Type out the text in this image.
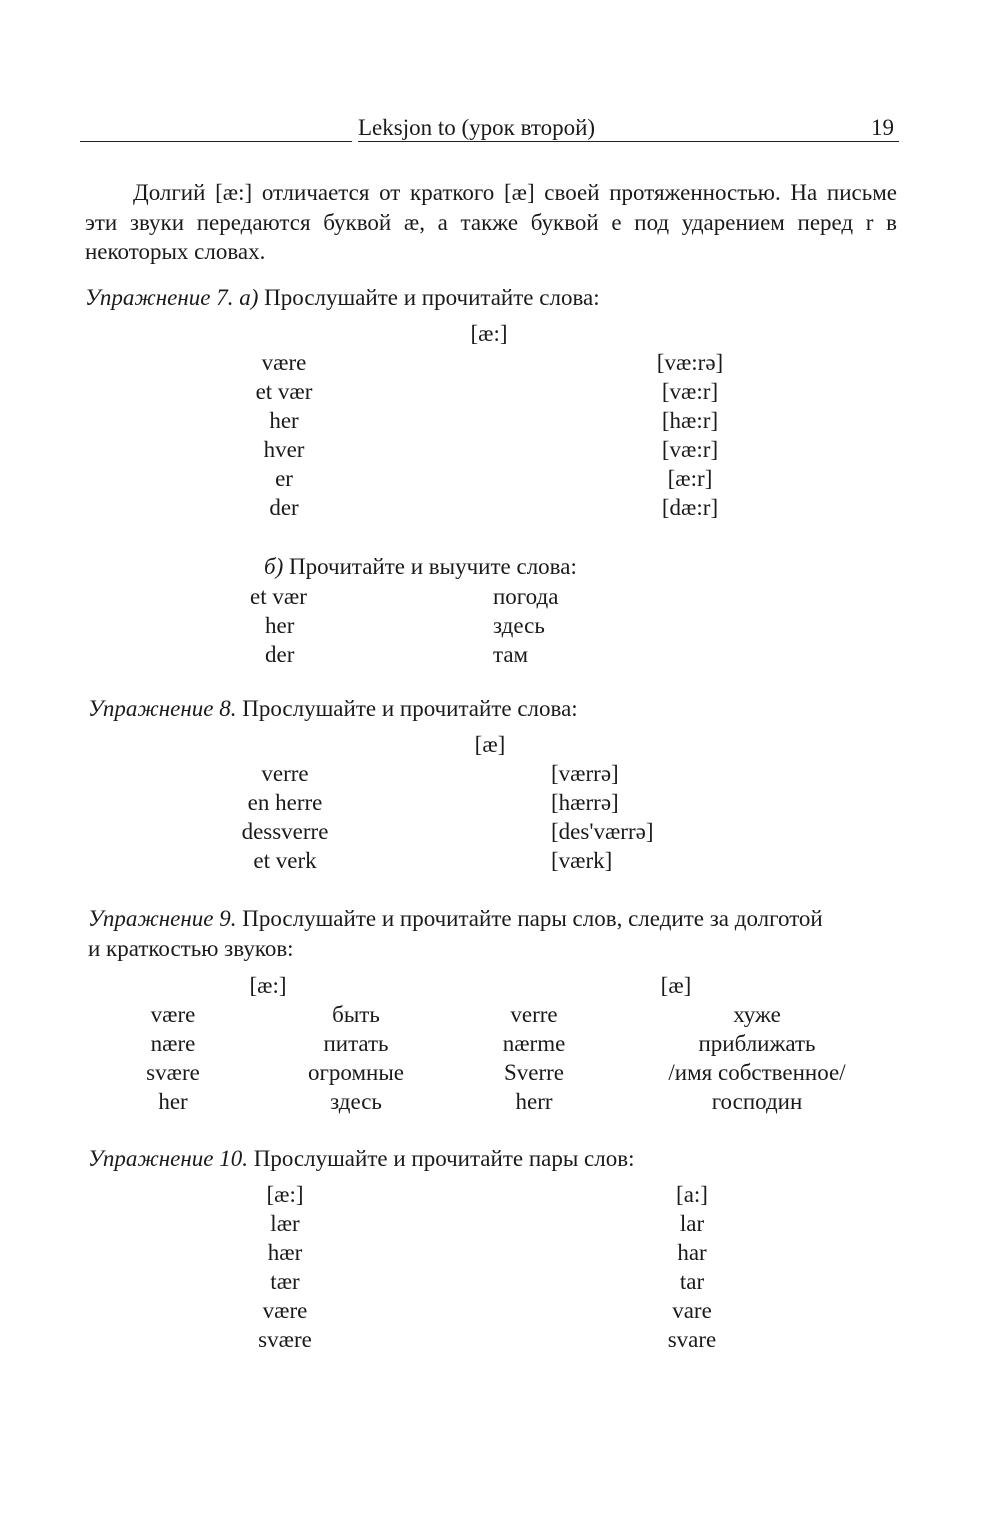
Leksjon to (урок второй)	19
Долгий [æ:] отличается от краткого [æ] своей протяженностью. На письме эти звуки передаются буквой æ, а также буквой e под ударением перед r в некоторых словах.
Упражнение 7. а) Прослушайте и прочитайте слова:
[æ:]
være	[væ:rə]
et vær	[væ:r]
her	[hæ:r]
hver	[væ:r]
er	[æ:r]
der	[dæ:r]
б) Прочитайте и выучите слова:
et vær	погода
her	здесь
der	там
Упражнение 8. Прослушайте и прочитайте слова:
[æ]
verre	[værrə]
en herre	[hærrə]
dessverre	[des'værrə]
et verk	[værk]
Упражнение 9. Прослушайте и прочитайте пары слов, следите за долготой
и краткостью звуков:
[æ:]	[æ]
være	быть	verre	хуже
nære	питать	nærme	приближать
svære	огромные	Sverre	/имя собственное/
her	здесь	herr	господин
Упражнение 10. Прослушайте и прочитайте пары слов:
[æ:]	[a:]
lær	lar
hær	har
tær	tar
være	vare
svære	svare
